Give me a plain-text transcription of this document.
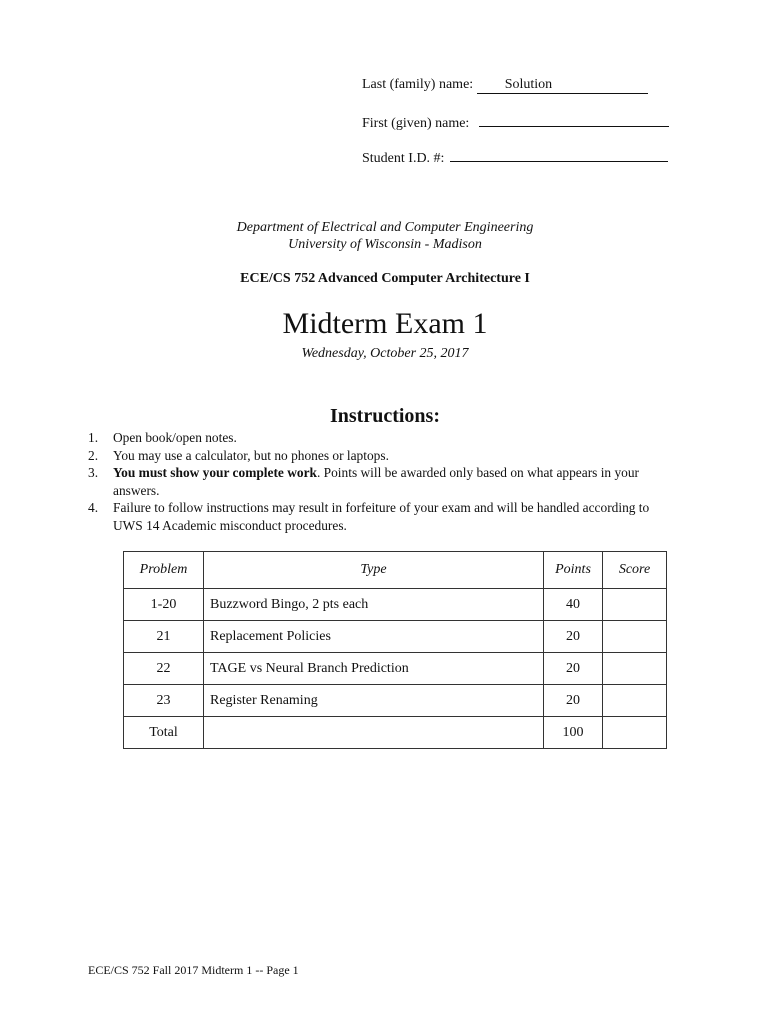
Last (family) name: Solution
First (given) name:
Student I.D. #:
Department of Electrical and Computer Engineering
University of Wisconsin - Madison
ECE/CS 752 Advanced Computer Architecture I
Midterm Exam 1
Wednesday, October 25, 2017
Instructions:
1. Open book/open notes.
2. You may use a calculator, but no phones or laptops.
3. You must show your complete work. Points will be awarded only based on what appears in your answers.
4. Failure to follow instructions may result in forfeiture of your exam and will be handled according to UWS 14 Academic misconduct procedures.
Problem	Type	Points	Score
1-20	Buzzword Bingo, 2 pts each	40	
21	Replacement Policies	20	
22	TAGE vs Neural Branch Prediction	20	
23	Register Renaming	20	
Total		100	
ECE/CS 752 Fall 2017 Midterm 1 -- Page 1
